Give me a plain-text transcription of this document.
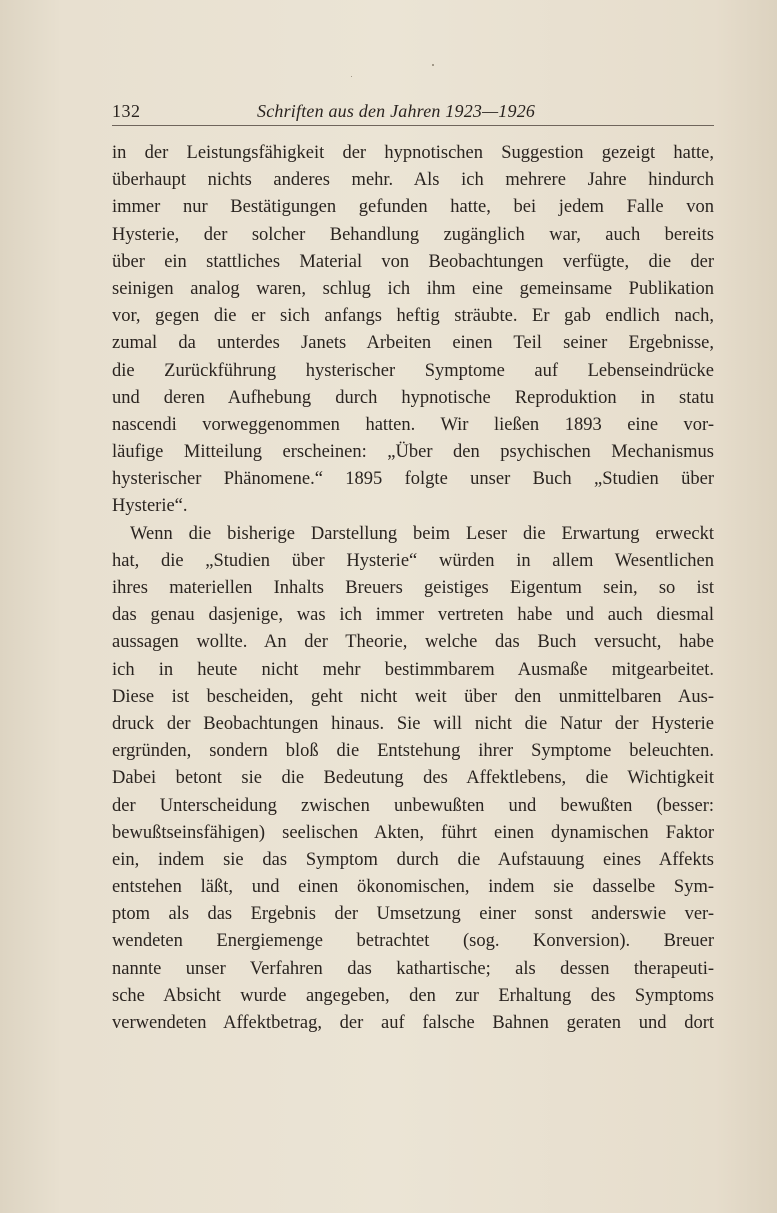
132	Schriften aus den Jahren 1923—1926
in der Leistungsfähigkeit der hypnotischen Suggestion gezeigt hatte,
überhaupt nichts anderes mehr. Als ich mehrere Jahre hindurch
immer nur Bestätigungen gefunden hatte, bei jedem Falle von
Hysterie, der solcher Behandlung zugänglich war, auch bereits
über ein stattliches Material von Beobachtungen verfügte, die der
seinigen analog waren, schlug ich ihm eine gemeinsame Publikation
vor, gegen die er sich anfangs heftig sträubte. Er gab endlich nach,
zumal da unterdes Janets Arbeiten einen Teil seiner Ergebnisse,
die Zurückführung hysterischer Symptome auf Lebenseindrücke
und deren Aufhebung durch hypnotische Reproduktion in statu
nascendi vorweggenommen hatten. Wir ließen 1893 eine vor-
läufige Mitteilung erscheinen: „Über den psychischen Mechanismus
hysterischer Phänomene.“ 1895 folgte unser Buch „Studien über
Hysterie“.
Wenn die bisherige Darstellung beim Leser die Erwartung erweckt
hat, die „Studien über Hysterie“ würden in allem Wesentlichen
ihres materiellen Inhalts Breuers geistiges Eigentum sein, so ist
das genau dasjenige, was ich immer vertreten habe und auch diesmal
aussagen wollte. An der Theorie, welche das Buch versucht, habe
ich in heute nicht mehr bestimmbarem Ausmaße mitgearbeitet.
Diese ist bescheiden, geht nicht weit über den unmittelbaren Aus-
druck der Beobachtungen hinaus. Sie will nicht die Natur der Hysterie
ergründen, sondern bloß die Entstehung ihrer Symptome beleuchten.
Dabei betont sie die Bedeutung des Affektlebens, die Wichtigkeit
der Unterscheidung zwischen unbewußten und bewußten (besser:
bewußtseinsfähigen) seelischen Akten, führt einen dynamischen Faktor
ein, indem sie das Symptom durch die Aufstauung eines Affekts
entstehen läßt, und einen ökonomischen, indem sie dasselbe Sym-
ptom als das Ergebnis der Umsetzung einer sonst anderswie ver-
wendeten Energiemenge betrachtet (sog. Konversion). Breuer
nannte unser Verfahren das kathartische; als dessen therapeuti-
sche Absicht wurde angegeben, den zur Erhaltung des Symptoms
verwendeten Affektbetrag, der auf falsche Bahnen geraten und dort
